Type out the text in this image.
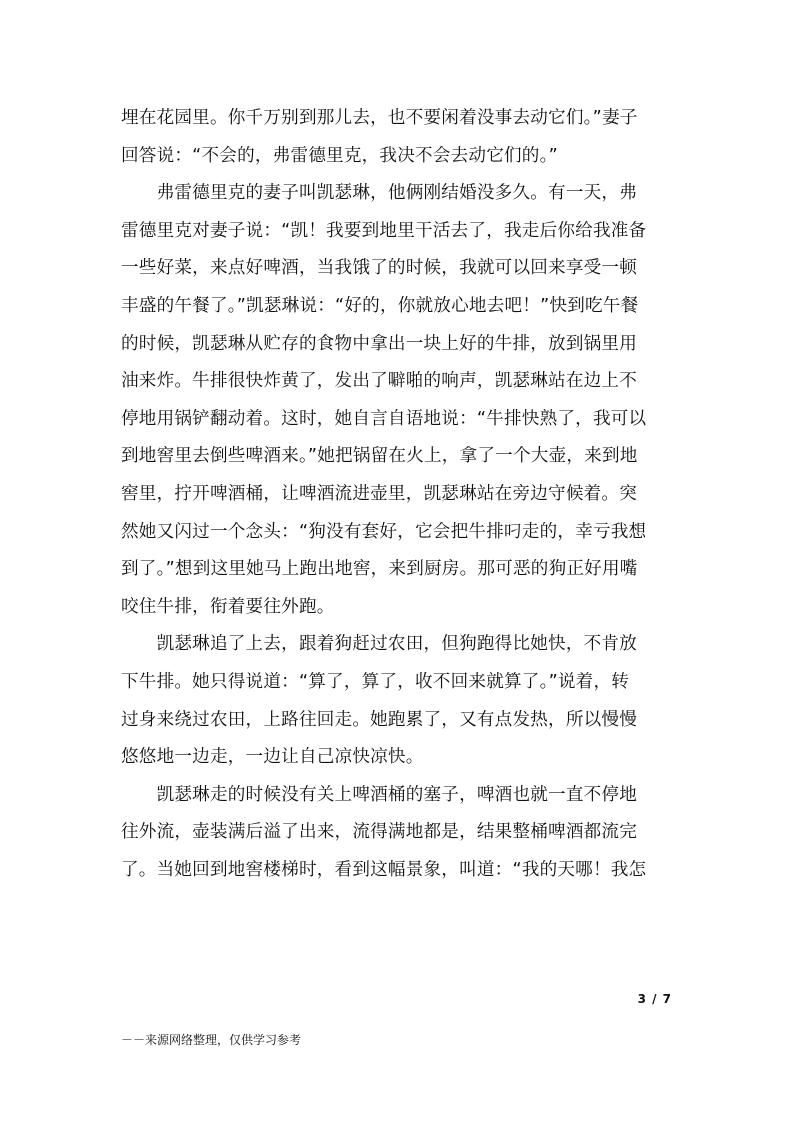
埋在花园里。你千万别到那儿去，也不要闲着没事去动它们。”妻子
回答说：“不会的，弗雷德里克，我决不会去动它们的。”
　　弗雷德里克的妻子叫凯瑟琳，他俩刚结婚没多久。有一天，弗
雷德里克对妻子说：“凯！我要到地里干活去了，我走后你给我准备
一些好菜，来点好啤酒，当我饿了的时候，我就可以回来享受一顿
丰盛的午餐了。”凯瑟琳说：“好的，你就放心地去吧！”快到吃午餐
的时候，凯瑟琳从贮存的食物中拿出一块上好的牛排，放到锅里用
油来炸。牛排很快炸黄了，发出了噼啪的响声，凯瑟琳站在边上不
停地用锅铲翻动着。这时，她自言自语地说：“牛排快熟了，我可以
到地窖里去倒些啤酒来。”她把锅留在火上，拿了一个大壶，来到地
窖里，拧开啤酒桶，让啤酒流进壶里，凯瑟琳站在旁边守候着。突
然她又闪过一个念头：“狗没有套好，它会把牛排叼走的，幸亏我想
到了。”想到这里她马上跑出地窖，来到厨房。那可恶的狗正好用嘴
咬住牛排，衔着要往外跑。
　　凯瑟琳追了上去，跟着狗赶过农田，但狗跑得比她快，不肯放
下牛排。她只得说道：“算了，算了，收不回来就算了。”说着，转
过身来绕过农田，上路往回走。她跑累了，又有点发热，所以慢慢
悠悠地一边走，一边让自己凉快凉快。
　　凯瑟琳走的时候没有关上啤酒桶的塞子，啤酒也就一直不停地
往外流，壶装满后溢了出来，流得满地都是，结果整桶啤酒都流完
了。当她回到地窖楼梯时，看到这幅景象，叫道：“我的天哪！我怎
3 / 7
－－来源网络整理，仅供学习参考
